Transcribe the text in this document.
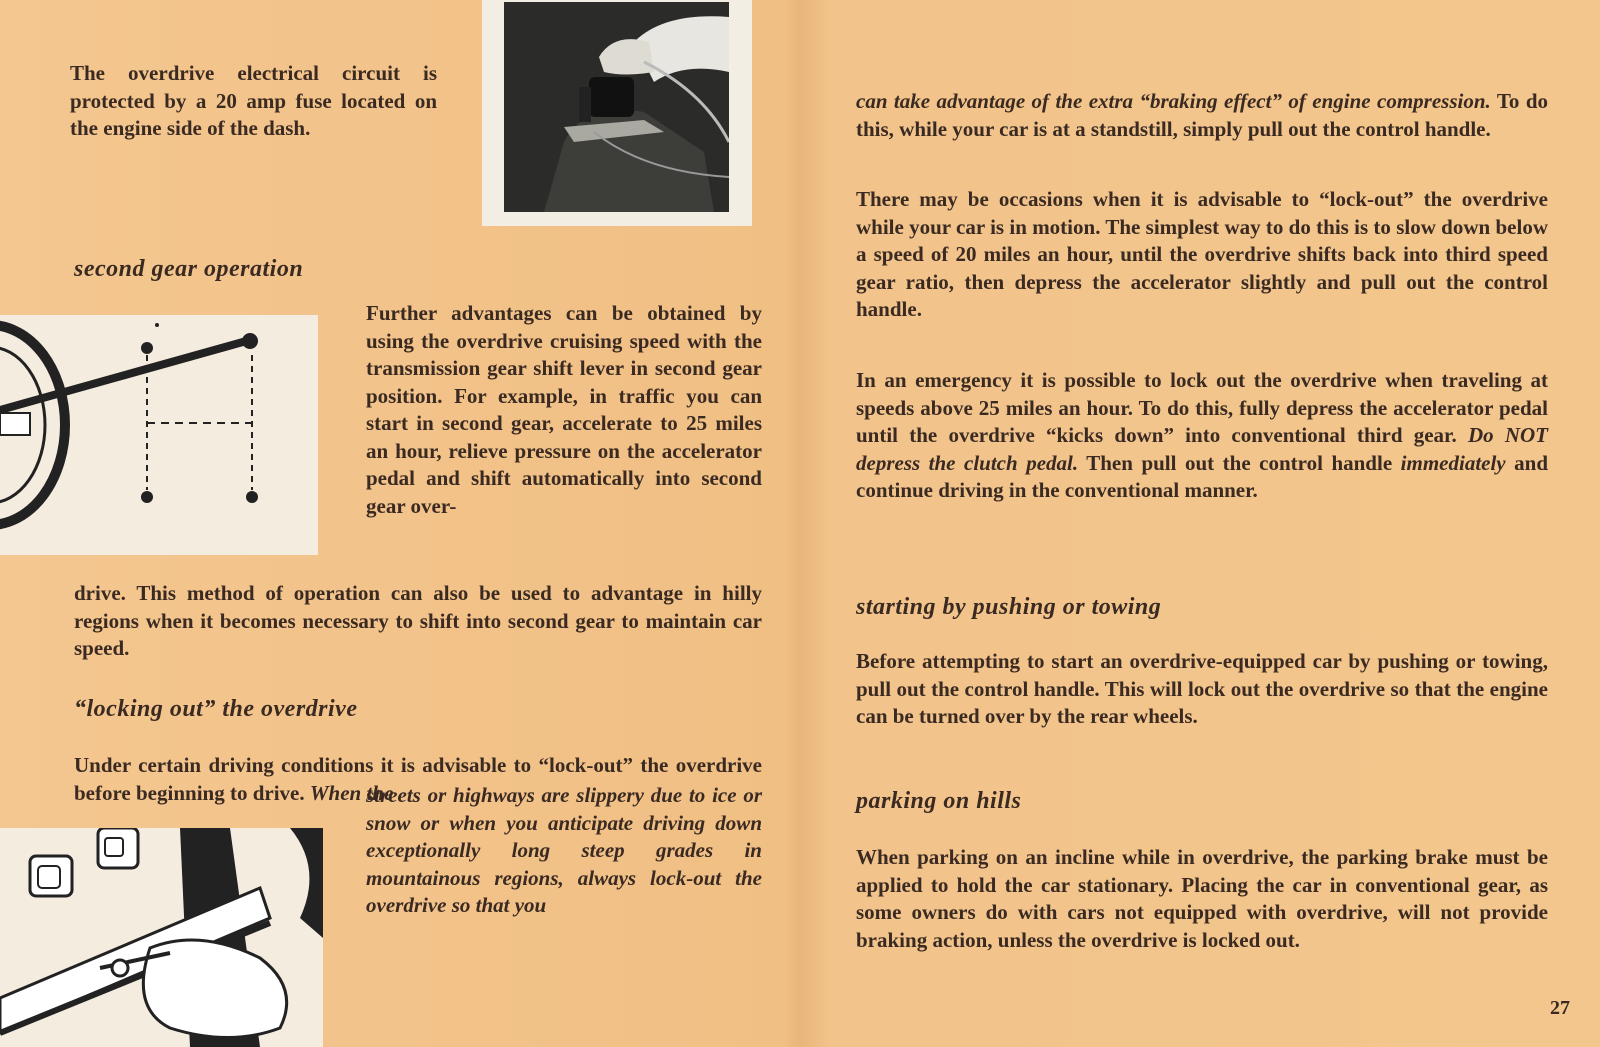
The overdrive electrical circuit is protected by a 20 amp fuse located on the engine side of the dash.

second gear operation

Further advantages can be obtained by using the overdrive cruising speed with the transmission gear shift lever in second gear position. For example, in traffic you can start in second gear, accelerate to 25 miles an hour, relieve pressure on the accelerator pedal and shift automatically into second gear over-

drive. This method of operation can also be used to advantage in hilly regions when it becomes necessary to shift into second gear to maintain car speed.

“locking out” the overdrive

Under certain driving conditions it is advisable to “lock-out” the overdrive before beginning to drive. When the

streets or highways are slippery due to ice or snow or when you anticipate driving down exceptionally long steep grades in mountainous regions, always lock-out the overdrive so that you

can take advantage of the extra “braking effect” of engine compression. To do this, while your car is at a standstill, simply pull out the control handle.

There may be occasions when it is advisable to “lock-out” the overdrive while your car is in motion. The simplest way to do this is to slow down below a speed of 20 miles an hour, until the overdrive shifts back into third speed gear ratio, then depress the accelerator slightly and pull out the control handle.

In an emergency it is possible to lock out the overdrive when traveling at speeds above 25 miles an hour. To do this, fully depress the accelerator pedal until the overdrive “kicks down” into conventional third gear. Do NOT depress the clutch pedal. Then pull out the control handle immediately and continue driving in the conventional manner.

starting by pushing or towing

Before attempting to start an overdrive-equipped car by pushing or towing, pull out the control handle. This will lock out the overdrive so that the engine can be turned over by the rear wheels.

parking on hills

When parking on an incline while in overdrive, the parking brake must be applied to hold the car stationary. Placing the car in conventional gear, as some owners do with cars not equipped with overdrive, will not provide braking action, unless the overdrive is locked out.

27
